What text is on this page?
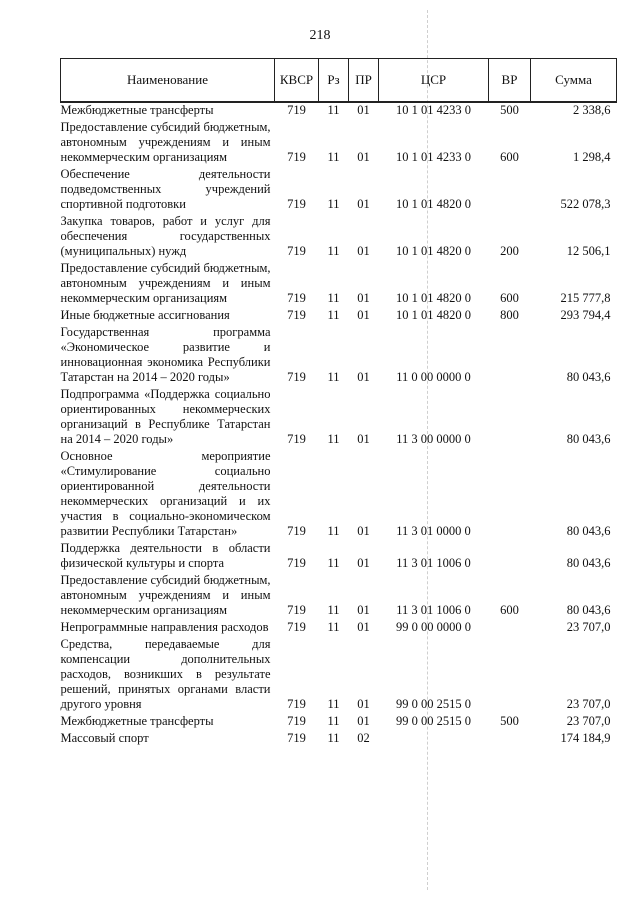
218
Наименование	КВСР	Рз	ПР	ЦСР	ВР	Сумма
Межбюджетные трансферты	719	11	01	10 1 01 4233 0	500	2 338,6
Предоставление субсидий бюджетным, автономным учреждениям и иным некоммерческим организациям	719	11	01	10 1 01 4233 0	600	1 298,4
Обеспечение деятельности подведомственных учреждений спортивной подготовки	719	11	01	10 1 01 4820 0		522 078,3
Закупка товаров, работ и услуг для обеспечения государственных (муниципальных) нужд	719	11	01	10 1 01 4820 0	200	12 506,1
Предоставление субсидий бюджетным, автономным учреждениям и иным некоммерческим организациям	719	11	01	10 1 01 4820 0	600	215 777,8
Иные бюджетные ассигнования	719	11	01	10 1 01 4820 0	800	293 794,4
Государственная программа «Экономическое развитие и инновационная экономика Республики Татарстан на 2014 – 2020 годы»	719	11	01	11 0 00 0000 0		80 043,6
Подпрограмма «Поддержка социально ориентированных некоммерческих организаций в Республике Татарстан на 2014 – 2020 годы»	719	11	01	11 3 00 0000 0		80 043,6
Основное мероприятие «Стимулирование социально ориентированной деятельности некоммерческих организаций и их участия в социально-экономическом развитии Республики Татарстан»	719	11	01	11 3 01 0000 0		80 043,6
Поддержка деятельности в области физической культуры и спорта	719	11	01	11 3 01 1006 0		80 043,6
Предоставление субсидий бюджетным, автономным учреждениям и иным некоммерческим организациям	719	11	01	11 3 01 1006 0	600	80 043,6
Непрограммные направления расходов	719	11	01	99 0 00 0000 0		23 707,0
Средства, передаваемые для компенсации дополнительных расходов, возникших в результате решений, принятых органами власти другого уровня	719	11	01	99 0 00 2515 0		23 707,0
Межбюджетные трансферты	719	11	01	99 0 00 2515 0	500	23 707,0
Массовый спорт	719	11	02			174 184,9
